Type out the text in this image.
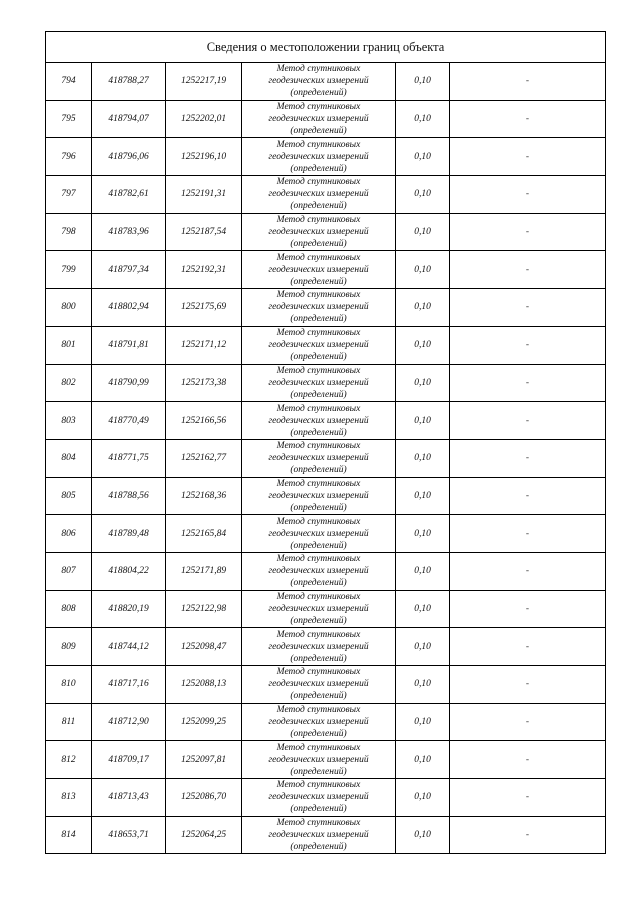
Сведения о местоположении границ объекта					
794	418788,27	1252217,19	Метод спутниковых
геодезических измерений
(определений)	0,10	-
795	418794,07	1252202,01	Метод спутниковых
геодезических измерений
(определений)	0,10	-
796	418796,06	1252196,10	Метод спутниковых
геодезических измерений
(определений)	0,10	-
797	418782,61	1252191,31	Метод спутниковых
геодезических измерений
(определений)	0,10	-
798	418783,96	1252187,54	Метод спутниковых
геодезических измерений
(определений)	0,10	-
799	418797,34	1252192,31	Метод спутниковых
геодезических измерений
(определений)	0,10	-
800	418802,94	1252175,69	Метод спутниковых
геодезических измерений
(определений)	0,10	-
801	418791,81	1252171,12	Метод спутниковых
геодезических измерений
(определений)	0,10	-
802	418790,99	1252173,38	Метод спутниковых
геодезических измерений
(определений)	0,10	-
803	418770,49	1252166,56	Метод спутниковых
геодезических измерений
(определений)	0,10	-
804	418771,75	1252162,77	Метод спутниковых
геодезических измерений
(определений)	0,10	-
805	418788,56	1252168,36	Метод спутниковых
геодезических измерений
(определений)	0,10	-
806	418789,48	1252165,84	Метод спутниковых
геодезических измерений
(определений)	0,10	-
807	418804,22	1252171,89	Метод спутниковых
геодезических измерений
(определений)	0,10	-
808	418820,19	1252122,98	Метод спутниковых
геодезических измерений
(определений)	0,10	-
809	418744,12	1252098,47	Метод спутниковых
геодезических измерений
(определений)	0,10	-
810	418717,16	1252088,13	Метод спутниковых
геодезических измерений
(определений)	0,10	-
811	418712,90	1252099,25	Метод спутниковых
геодезических измерений
(определений)	0,10	-
812	418709,17	1252097,81	Метод спутниковых
геодезических измерений
(определений)	0,10	-
813	418713,43	1252086,70	Метод спутниковых
геодезических измерений
(определений)	0,10	-
814	418653,71	1252064,25	Метод спутниковых
геодезических измерений
(определений)	0,10	-
